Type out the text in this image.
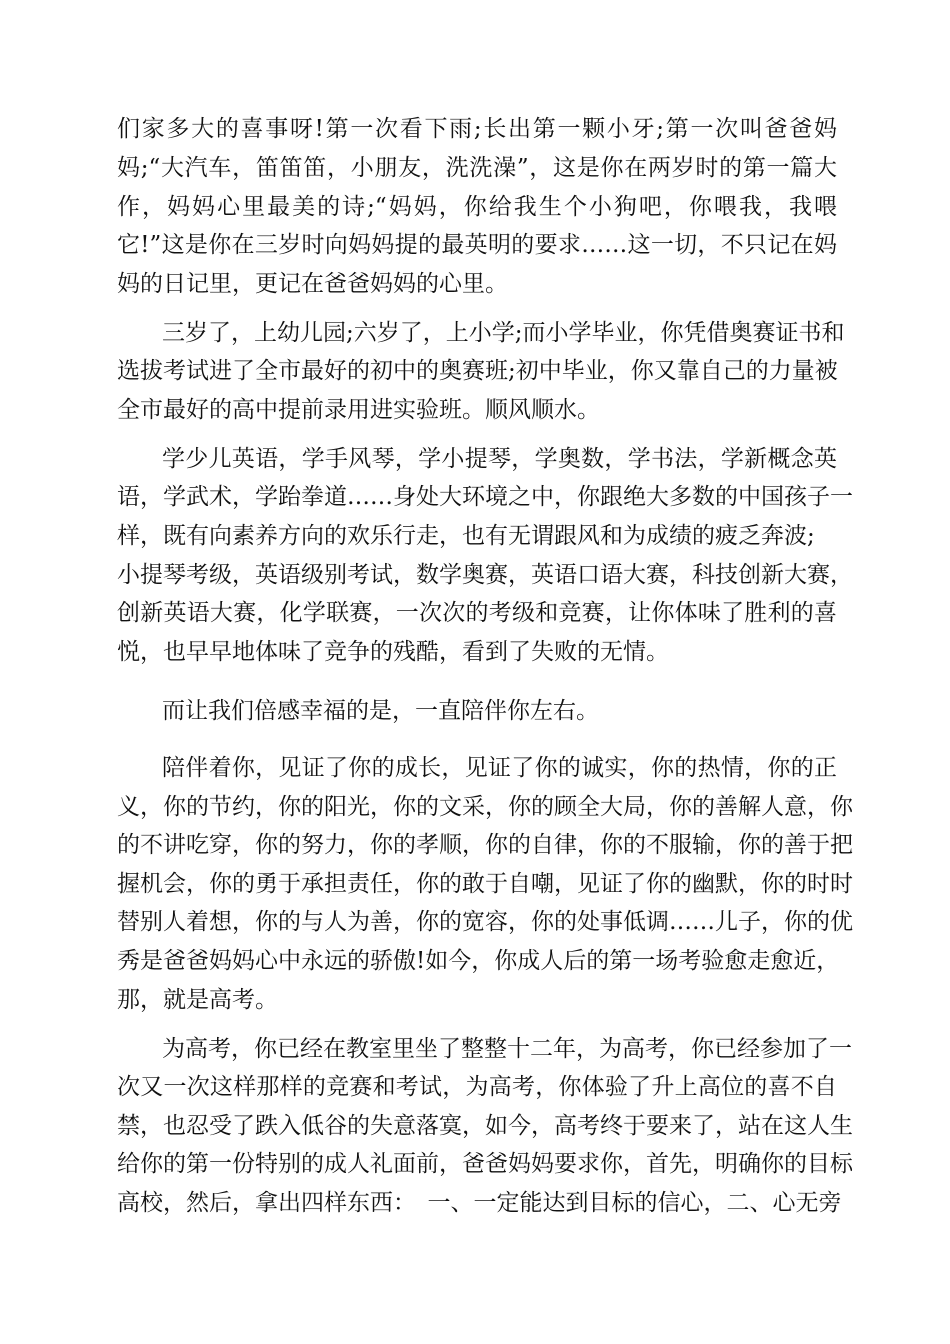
们家多大的喜事呀!第一次看下雨;长出第一颗小牙;第一次叫爸爸妈
妈;“大汽车，笛笛笛，小朋友，洗洗澡”，这是你在两岁时的第一篇大
作，妈妈心里最美的诗;“妈妈，你给我生个小狗吧，你喂我，我喂
它!”这是你在三岁时向妈妈提的最英明的要求……这一切，不只记在妈
妈的日记里，更记在爸爸妈妈的心里。
三岁了，上幼儿园;六岁了，上小学;而小学毕业，你凭借奥赛证书和
选拔考试进了全市最好的初中的奥赛班;初中毕业，你又靠自己的力量被
全市最好的高中提前录用进实验班。顺风顺水。
学少儿英语，学手风琴，学小提琴，学奥数，学书法，学新概念英
语，学武术，学跆拳道……身处大环境之中，你跟绝大多数的中国孩子一
样，既有向素养方向的欢乐行走，也有无谓跟风和为成绩的疲乏奔波;
小提琴考级，英语级别考试，数学奥赛，英语口语大赛，科技创新大赛，
创新英语大赛，化学联赛，一次次的考级和竞赛，让你体味了胜利的喜
悦，也早早地体味了竞争的残酷，看到了失败的无情。
而让我们倍感幸福的是，一直陪伴你左右。
陪伴着你，见证了你的成长，见证了你的诚实，你的热情，你的正
义，你的节约，你的阳光，你的文采，你的顾全大局，你的善解人意，你
的不讲吃穿，你的努力，你的孝顺，你的自律，你的不服输，你的善于把
握机会，你的勇于承担责任，你的敢于自嘲，见证了你的幽默，你的时时
替别人着想，你的与人为善，你的宽容，你的处事低调……儿子，你的优
秀是爸爸妈妈心中永远的骄傲!如今，你成人后的第一场考验愈走愈近，
那，就是高考。
为高考，你已经在教室里坐了整整十二年，为高考，你已经参加了一
次又一次这样那样的竞赛和考试，为高考，你体验了升上高位的喜不自
禁，也忍受了跌入低谷的失意落寞，如今，高考终于要来了，站在这人生
给你的第一份特别的成人礼面前，爸爸妈妈要求你，首先，明确你的目标
高校，然后，拿出四样东西：　一、一定能达到目标的信心，二、心无旁
